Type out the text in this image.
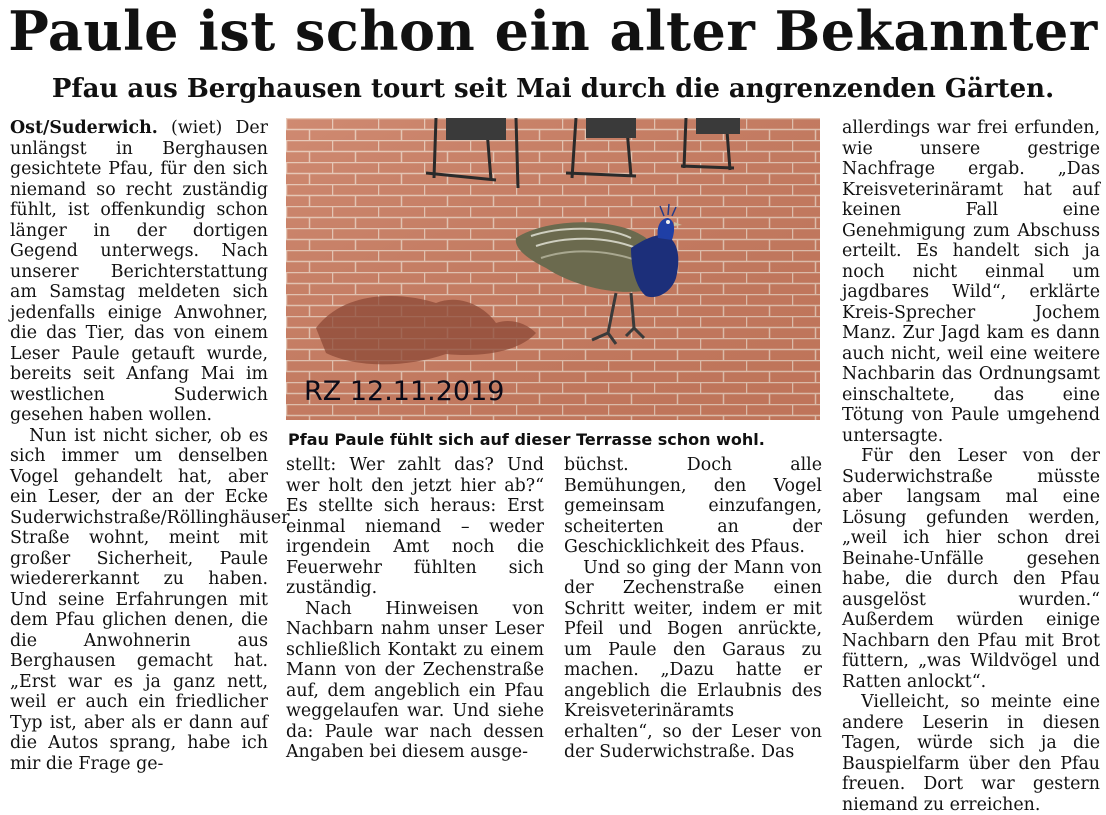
Paule ist schon ein alter Bekannter
Pfau aus Berghausen tourt seit Mai durch die angrenzenden Gärten.

Ost/Suderwich. (wiet) Der unlängst in Berghausen gesichtete Pfau, für den sich niemand so recht zuständig fühlt, ist offenkundig schon länger in der dortigen Gegend unterwegs. Nach unserer Berichterstattung am Samstag meldeten sich jedenfalls einige Anwohner, die das Tier, das von einem Leser Paule getauft wurde, bereits seit Anfang Mai im westlichen Suderwich gesehen haben wollen.

Nun ist nicht sicher, ob es sich immer um denselben Vogel gehandelt hat, aber ein Leser, der an der Ecke Suderwichstraße/Röllinghäuser Straße wohnt, meint mit großer Sicherheit, Paule wiedererkannt zu haben. Und seine Erfahrungen mit dem Pfau glichen denen, die die Anwohnerin aus Berghausen gemacht hat. „Erst war es ja ganz nett, weil er auch ein friedlicher Typ ist, aber als er dann auf die Autos sprang, habe ich mir die Frage ge-

RZ 12.11.2019
Pfau Paule fühlt sich auf dieser Terrasse schon wohl.

stellt: Wer zahlt das? Und wer holt den jetzt hier ab?“ Es stellte sich heraus: Erst einmal niemand – weder irgendein Amt noch die Feuerwehr fühlten sich zuständig.

Nach Hinweisen von Nachbarn nahm unser Leser schließlich Kontakt zu einem Mann von der Zechenstraße auf, dem angeblich ein Pfau weggelaufen war. Und siehe da: Paule war nach dessen Angaben bei diesem ausge-

büchst. Doch alle Bemühungen, den Vogel gemeinsam einzufangen, scheiterten an der Geschicklichkeit des Pfaus.

Und so ging der Mann von der Zechenstraße einen Schritt weiter, indem er mit Pfeil und Bogen anrückte, um Paule den Garaus zu machen. „Dazu hatte er angeblich die Erlaubnis des Kreisveterinäramts erhalten“, so der Leser von der Suderwichstraße. Das

allerdings war frei erfunden, wie unsere gestrige Nachfrage ergab. „Das Kreisveterinäramt hat auf keinen Fall eine Genehmigung zum Abschuss erteilt. Es handelt sich ja noch nicht einmal um jagdbares Wild“, erklärte Kreis-Sprecher Jochem Manz. Zur Jagd kam es dann auch nicht, weil eine weitere Nachbarin das Ordnungsamt einschaltete, das eine Tötung von Paule umgehend untersagte.

Für den Leser von der Suderwichstraße müsste aber langsam mal eine Lösung gefunden werden, „weil ich hier schon drei Beinahe-Unfälle gesehen habe, die durch den Pfau ausgelöst wurden.“ Außerdem würden einige Nachbarn den Pfau mit Brot füttern, „was Wildvögel und Ratten anlockt“.

Vielleicht, so meinte eine andere Leserin in diesen Tagen, würde sich ja die Bauspielfarm über den Pfau freuen. Dort war gestern niemand zu erreichen.
